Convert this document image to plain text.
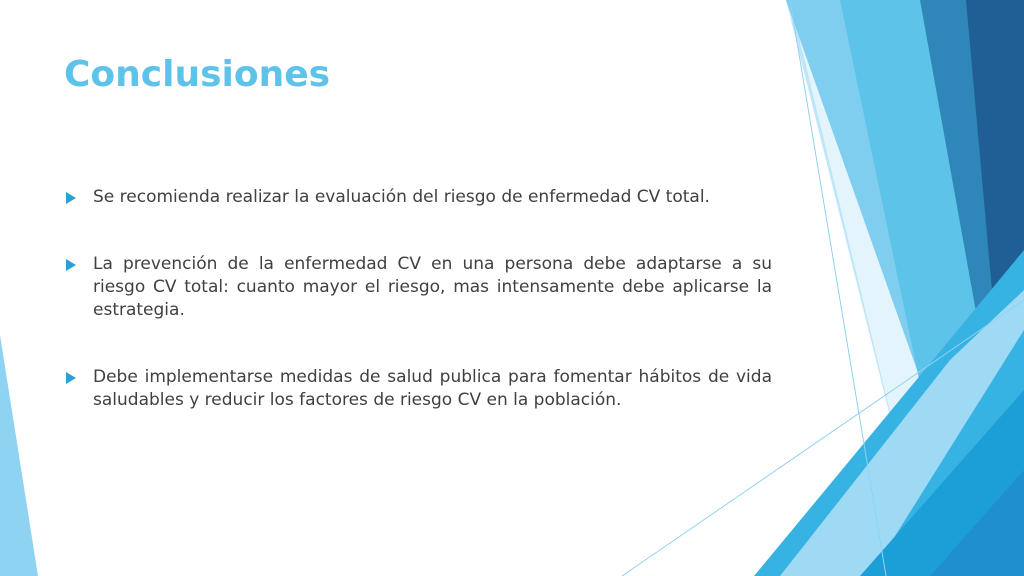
Conclusiones
Se recomienda realizar la evaluación del riesgo de enfermedad CV total.
La prevención de la enfermedad CV en una persona debe adaptarse a su riesgo CV total: cuanto mayor el riesgo, mas intensamente debe aplicarse la estrategia.
Debe implementarse medidas de salud publica para fomentar hábitos de vida saludables y reducir los factores de riesgo CV en la población.
